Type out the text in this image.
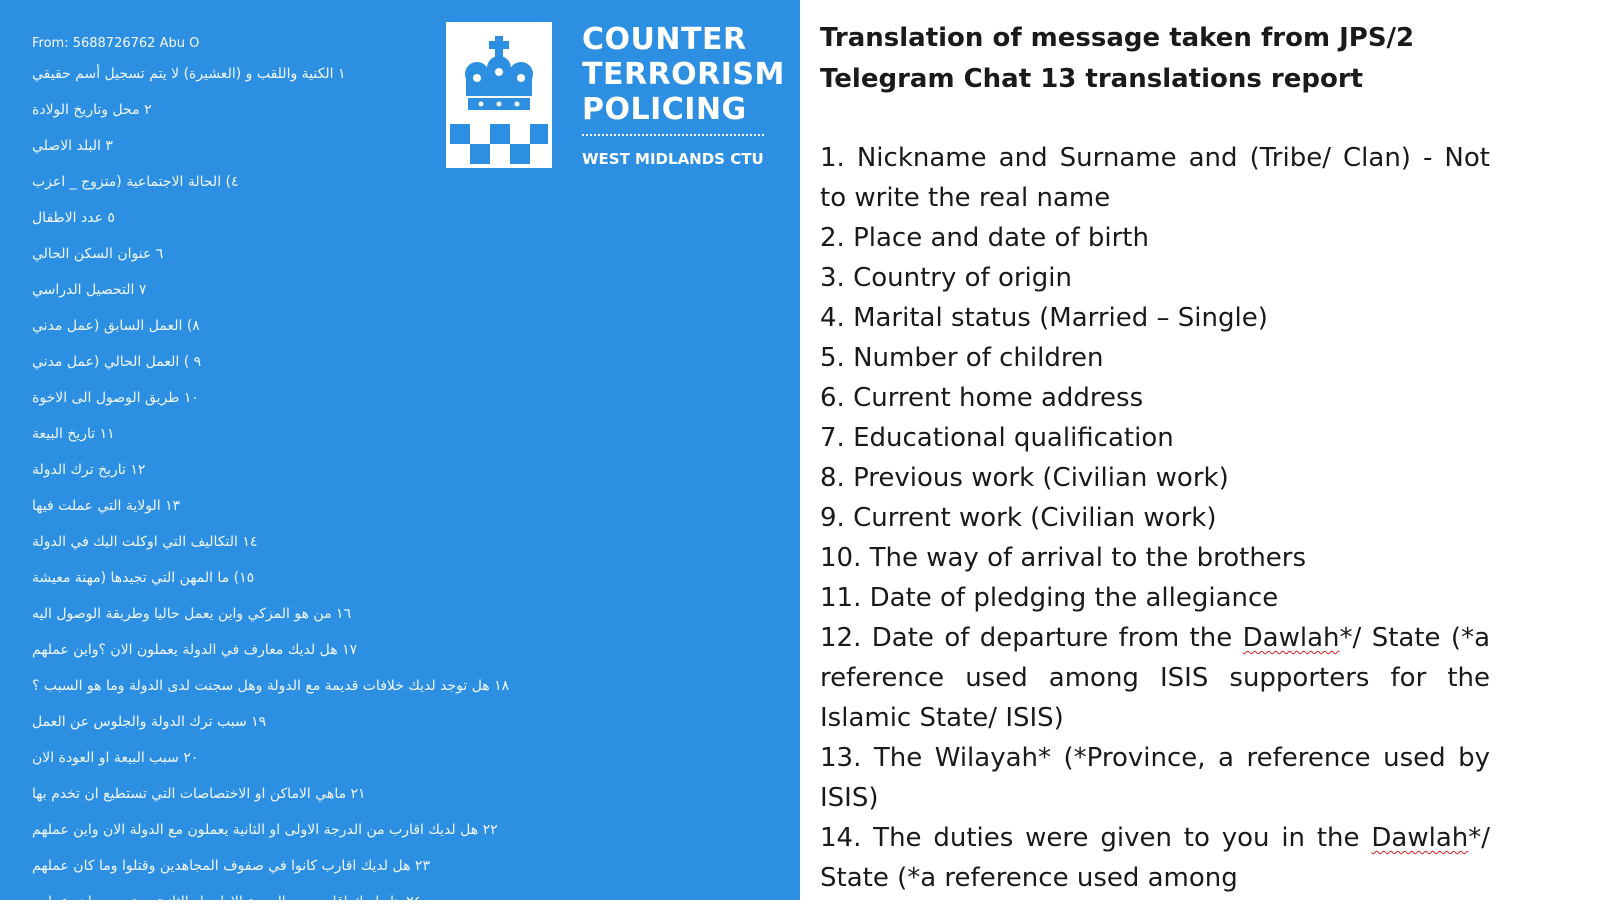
From: 5688726762 Abu O
١ الكنية واللقب و (العشيرة) لا يتم تسجيل أسم حقيقي
٢ محل وتاريخ الولادة
٣ البلد الاصلي
٤) الحالة الاجتماعية (متزوج _ اعزب
٥ عدد الاطفال
٦ عنوان السكن الحالي
٧ التحصيل الدراسي
٨) العمل السابق (عمل مدني
٩ ) العمل الحالي (عمل مدني
١٠ طريق الوصول الى الاخوة
١١ تاريخ البيعة
١٢ تاريخ ترك الدولة
١٣ الولاية التي عملت فيها
١٤ التكاليف التي اوكلت اليك في الدولة
١٥) ما المهن التي تجيدها (مهنة معيشة
١٦ من هو المزكي واين يعمل حاليا وطريقة الوصول اليه
١٧ هل لديك معارف في الدولة يعملون الان ؟واين عملهم
١٨ هل توجد لديك خلافات قديمة مع الدولة وهل سجنت لدى الدولة وما هو السبب ؟
١٩ سبب ترك الدولة والجلوس عن العمل
٢٠ سبب البيعة او العودة الان
٢١ ماهي الاماكن او الاختصاصات التي تستطيع ان تخدم بها
٢٢ هل لديك اقارب من الدرجة الاولى او الثانية يعملون مع الدولة الان واين عملهم
٢٣ هل لديك اقارب كانوا في صفوف المجاهدين وقتلوا وما كان عملهم
٢٤ هل لديك اقارب من الدرجة الاولى او الثانية مرتدين وماهو عملهم
COUNTER
TERRORISM
POLICING
WEST MIDLANDS CTU
Translation of message taken from JPS/2 Telegram Chat 13 translations report
1. Nickname and Surname and (Tribe/ Clan) - Not to write the real name
2. Place and date of birth
3. Country of origin
4. Marital status (Married – Single)
5. Number of children
6. Current home address
7. Educational qualification
8. Previous work (Civilian work)
9. Current work (Civilian work)
10. The way of arrival to the brothers
11. Date of pledging the allegiance
12. Date of departure from the Dawlah*/ State (*a reference used among ISIS supporters for the Islamic State/ ISIS)
13. The Wilayah* (*Province, a reference used by ISIS)
14. The duties were given to you in the Dawlah*/ State (*a reference used among
